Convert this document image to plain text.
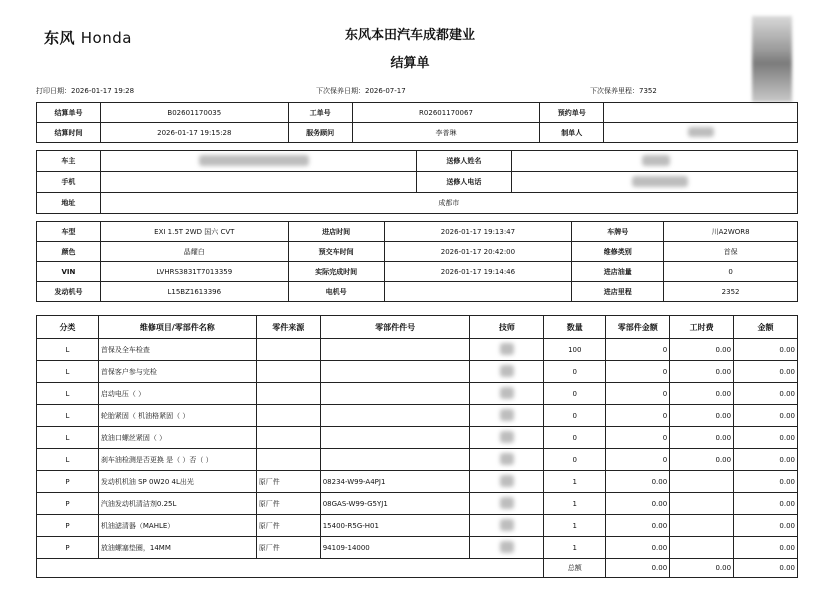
东风 Honda	东风本田汽车成都建业
结算单
打印日期：2026-01-17 19:28	下次保养日期：2026-07-17	下次保养里程：7352
结算单号	B02601170035	工单号	R02601170067	预约单号	
结算时间	2026-01-17 19:15:28	服务顾问	李普琳	制单人	
车主		送修人姓名	
手机		送修人电话	
地址	成都市		
车型	EXI 1.5T 2WD 国六 CVT	进店时间	2026-01-17 19:13:47	车牌号	川A2WOR8
颜色	晶耀白	预交车时间	2026-01-17 20:42:00	维修类别	首保
VIN	LVHRS3831T7013359	实际完成时间	2026-01-17 19:14:46	进店油量	0
发动机号	L15BZ1613396	电机号		进店里程	2352
分类	维修项目/零部件名称	零件来源	零部件件号	技师	数量	零部件金额	工时费	金额
L	首保及全车检查				100	0	0.00	0.00
L	首保客户参与完检				0	0	0.00	0.00
L	启动电压（ ）				0	0	0.00	0.00
L	轮胎紧固（ 机油格紧固（ ）				0	0	0.00	0.00
L	放油口螺丝紧固（ ）				0	0	0.00	0.00
L	刹车油检测是否更换 是（ ）否（ ）				0	0	0.00	0.00
P	发动机机油 SP 0W20 4L出光	原厂件	08234-W99-A4PJ1		1	0.00		0.00
P	汽油发动机清洁剂0.25L	原厂件	08GAS-W99-G5YJ1		1	0.00		0.00
P	机油滤清器（MAHLE）	原厂件	15400-R5G-H01		1	0.00		0.00
P	放油螺塞垫圈，14MM	原厂件	94109-14000		1	0.00		0.00
					总额	0.00	0.00	0.00
